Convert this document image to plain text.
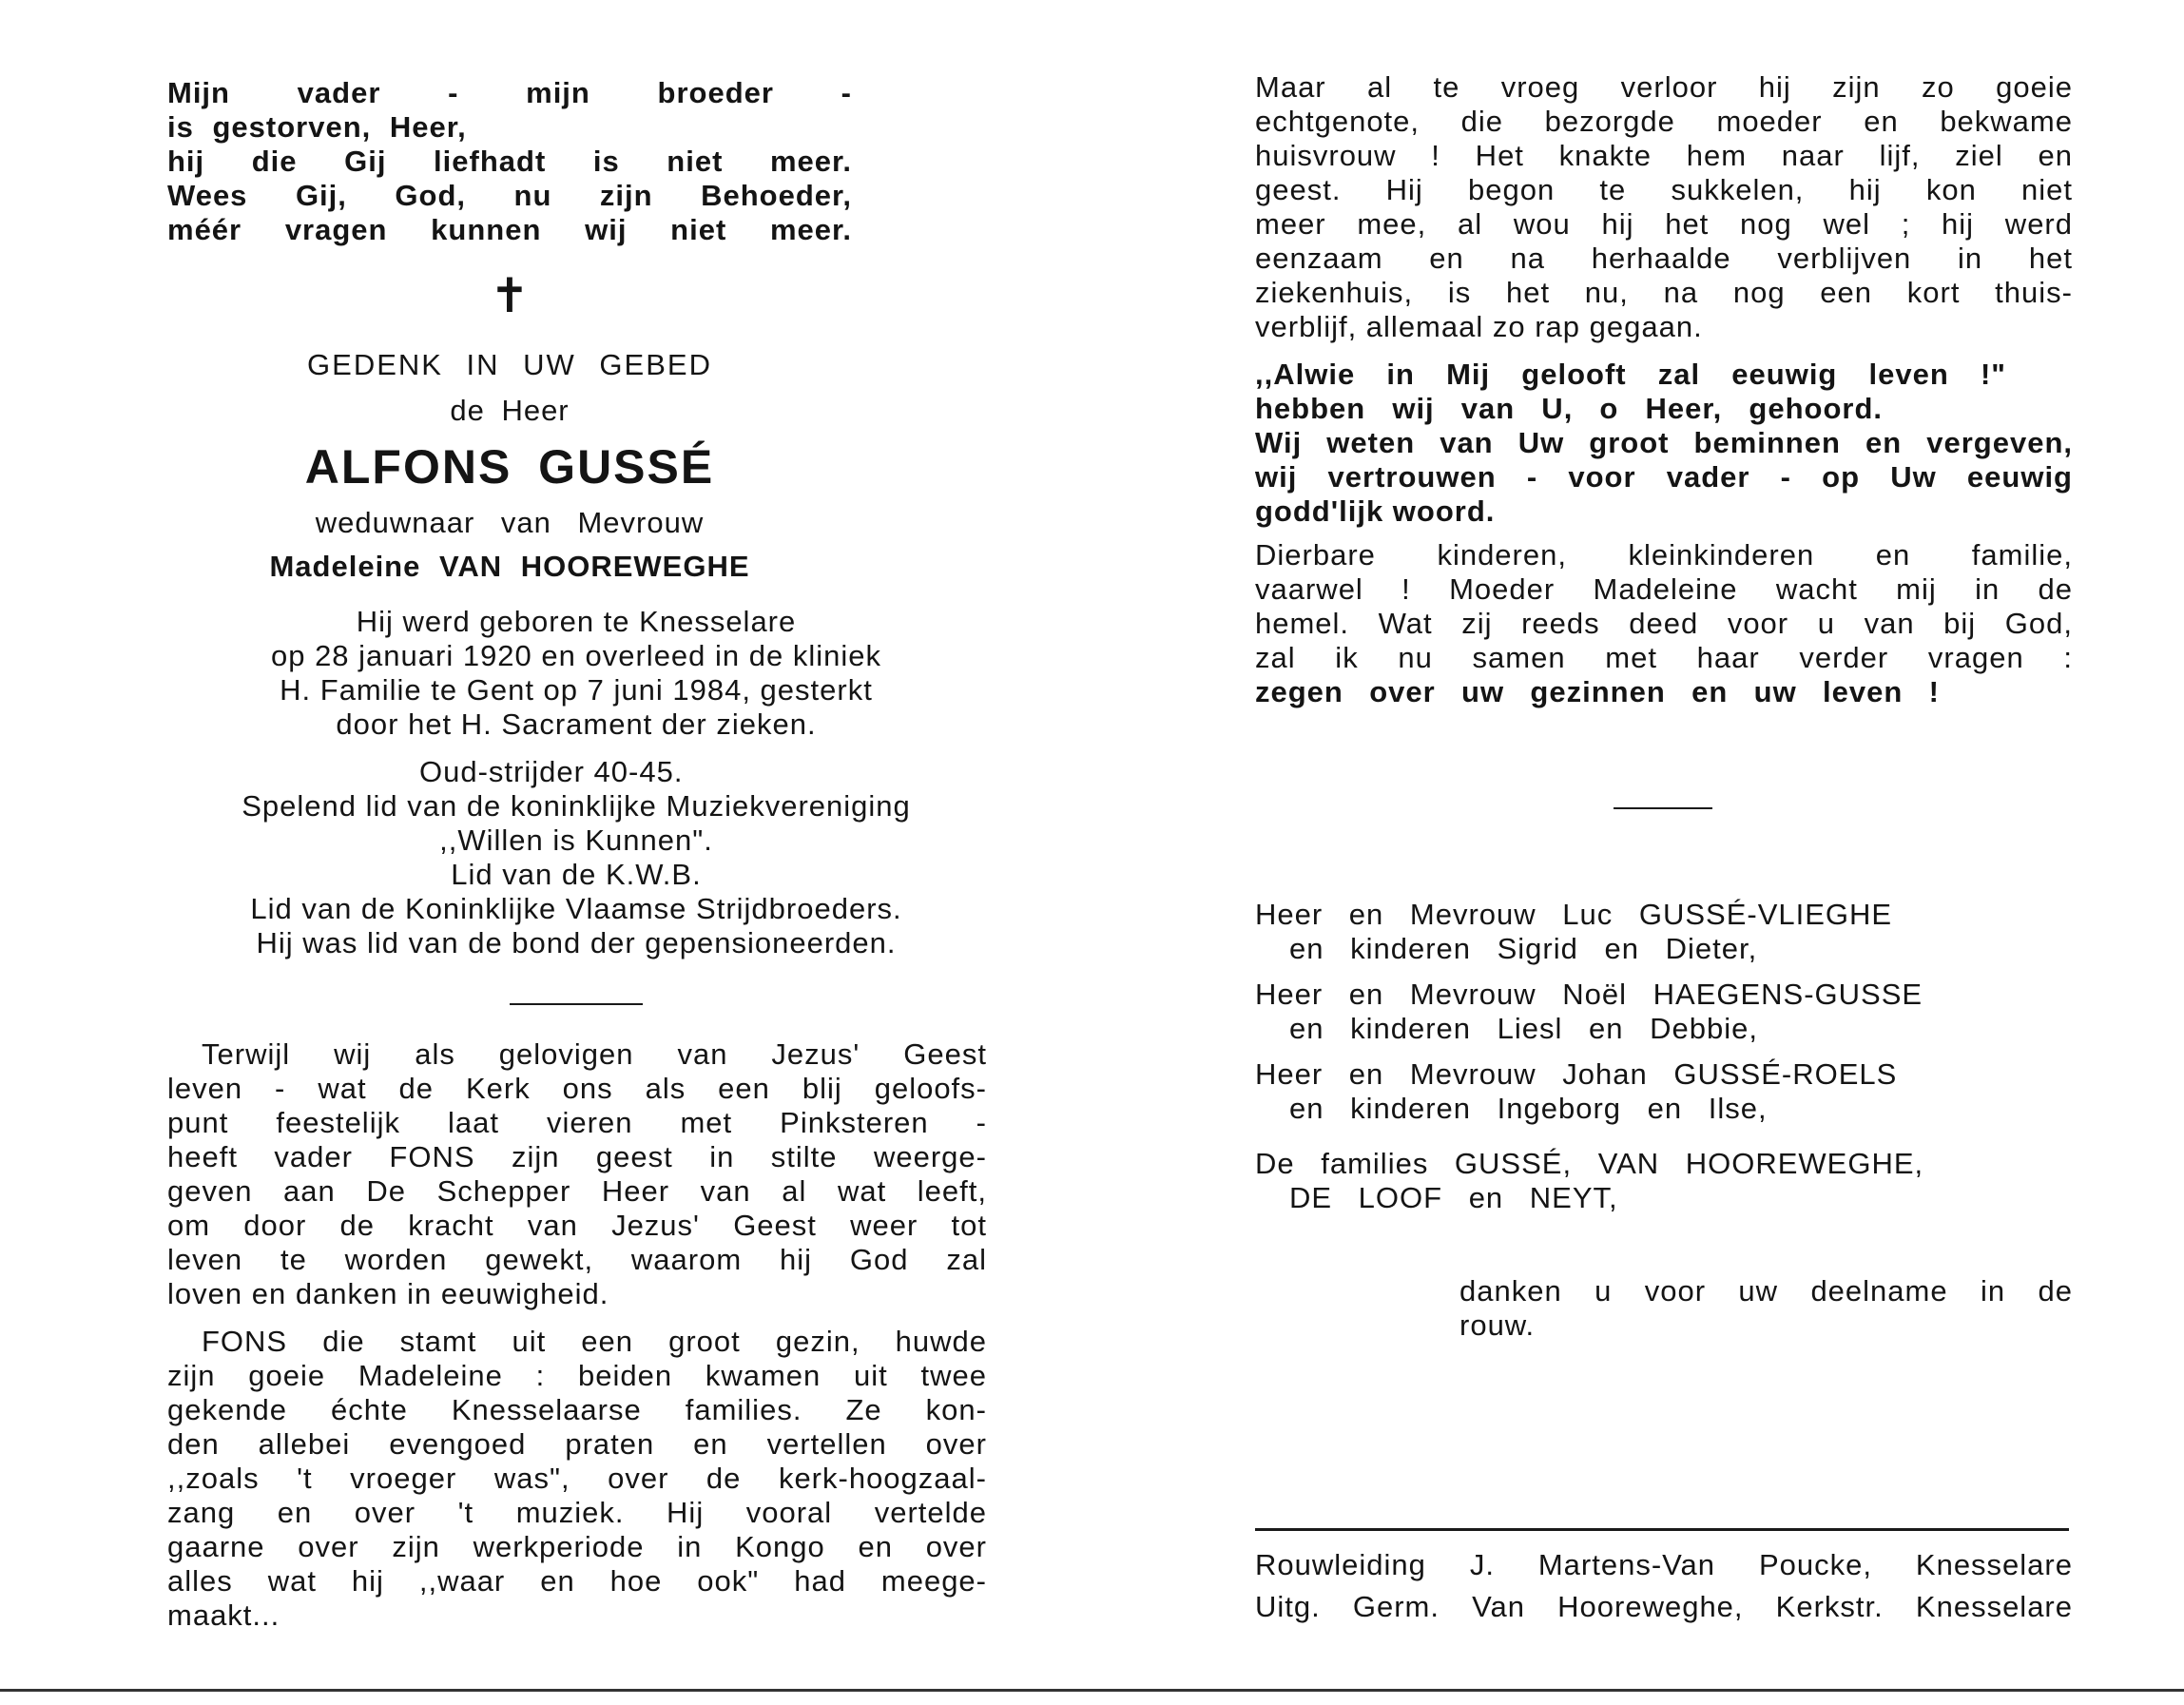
Mijn vader - mijn broeder -
is gestorven, Heer,
hij die Gij liefhadt is niet meer.
Wees Gij, God, nu zijn Behoeder,
méér vragen kunnen wij niet meer.
✝
GEDENK IN UW GEBED
de Heer
ALFONS GUSSÉ
weduwnaar van Mevrouw
Madeleine VAN HOOREWEGHE
Hij werd geboren te Knesselare
op 28 januari 1920 en overleed in de kliniek
H. Familie te Gent op 7 juni 1984, gesterkt
door het H. Sacrament der zieken.
Oud-strijder 40-45.
Spelend lid van de koninklijke Muziekvereniging
,,Willen is Kunnen".
Lid van de K.W.B.
Lid van de Koninklijke Vlaamse Strijdbroeders.
Hij was lid van de bond der gepensioneerden.
Terwijl wij als gelovigen van Jezus' Geest
leven - wat de Kerk ons als een blij geloofs-
punt feestelijk laat vieren met Pinksteren -
heeft vader FONS zijn geest in stilte weerge-
geven aan De Schepper Heer van al wat leeft,
om door de kracht van Jezus' Geest weer tot
leven te worden gewekt, waarom hij God zal
loven en danken in eeuwigheid.
FONS die stamt uit een groot gezin, huwde
zijn goeie Madeleine : beiden kwamen uit twee
gekende échte Knesselaarse families. Ze kon-
den allebei evengoed praten en vertellen over
,,zoals 't vroeger was", over de kerk-hoogzaal-
zang en over 't muziek. Hij vooral vertelde
gaarne over zijn werkperiode in Kongo en over
alles wat hij ,,waar en hoe ook" had meege-
maakt...
Maar al te vroeg verloor hij zijn zo goeie
echtgenote, die bezorgde moeder en bekwame
huisvrouw ! Het knakte hem naar lijf, ziel en
geest. Hij begon te sukkelen, hij kon niet
meer mee, al wou hij het nog wel ; hij werd
eenzaam en na herhaalde verblijven in het
ziekenhuis, is het nu, na nog een kort thuis-
verblijf, allemaal zo rap gegaan.
,,Alwie in Mij gelooft zal eeuwig leven !"
hebben wij van U, o Heer, gehoord.
Wij weten van Uw groot beminnen en vergeven,
wij vertrouwen - voor vader - op Uw eeuwig
godd'lijk woord.
Dierbare kinderen, kleinkinderen en familie,
vaarwel ! Moeder Madeleine wacht mij in de
hemel. Wat zij reeds deed voor u van bij God,
zal ik nu samen met haar verder vragen :
zegen over uw gezinnen en uw leven !
Heer en Mevrouw Luc GUSSÉ-VLIEGHE
en kinderen Sigrid en Dieter,
Heer en Mevrouw Noël HAEGENS-GUSSE
en kinderen Liesl en Debbie,
Heer en Mevrouw Johan GUSSÉ-ROELS
en kinderen Ingeborg en Ilse,
De families GUSSÉ, VAN HOOREWEGHE,
DE LOOF en NEYT,
danken u voor uw deelname in de
rouw.
Rouwleiding J. Martens-Van Poucke, Knesselare
Uitg. Germ. Van Hooreweghe, Kerkstr. Knesselare
